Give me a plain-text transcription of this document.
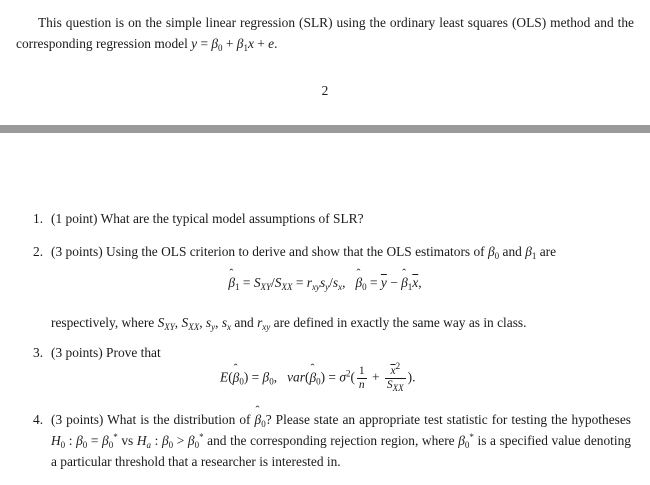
This question is on the simple linear regression (SLR) using the ordinary least squares (OLS) method and the corresponding regression model $y = \beta_0 + \beta_1x + e$.
2
1. (1 point) What are the typical model assumptions of SLR?
2. (3 points) Using the OLS criterion to derive and show that the OLS estimators of $\beta_0$ and $\beta_1$ are
ˆ $\beta_1 = S_{XY}/S_{XX} = r_{xy}s_y/s_x$,   ˆ $\beta_0 = \overline{y}$ − ˆ $\beta_1\overline{x}$,
respectively, where $S_{XY}$, $S_{XX}$, $s_y$, $s_x$ and $r_{xy}$ are defined in exactly the same way as in class.
3. (3 points) Prove that
E(ˆ $\beta_0) = \beta_0$,   var(ˆ $\beta_0) = \sigma^2( \frac{1}{n} + \frac{\overline{x}^2}{S_{XX}}$ ).
4. (3 points) What is the distribution of ˆ $\beta_0$? Please state an appropriate test statistic for testing the hypotheses $H_0$ : $\beta_0 = \beta_0^*$ vs $H_a$ : $\beta_0 > \beta_0^*$ and the corresponding rejection region, where $\beta_0^*$ is a specified value denoting a particular threshold that a researcher is interested in.
